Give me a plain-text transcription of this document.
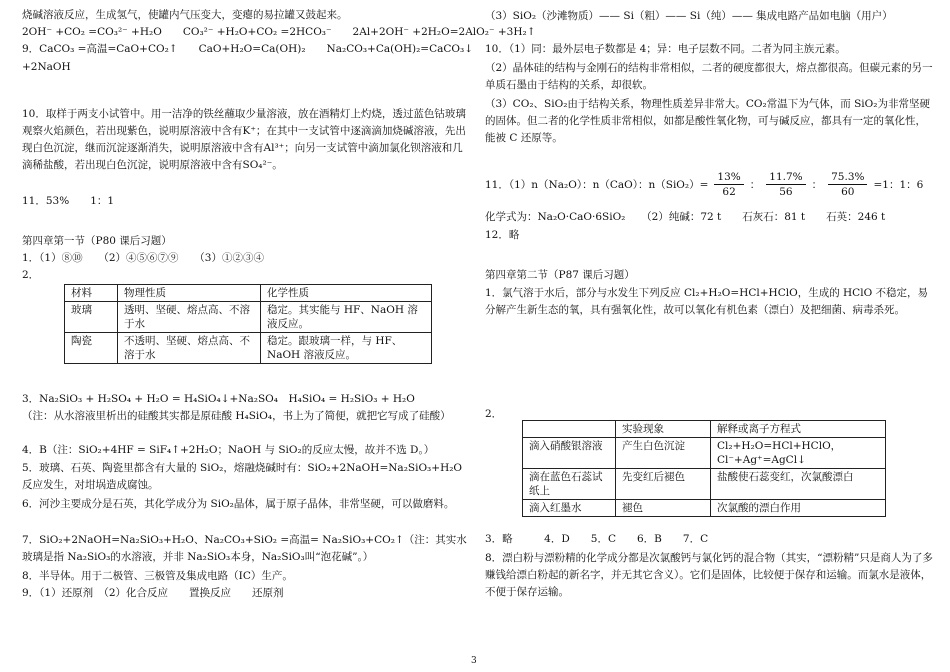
烧碱溶液反应，生成氢气，使罐内气压变大，变瘪的易拉罐又鼓起来。
2OH⁻ +CO₂ =CO₃²⁻ +H₂O　　CO₃²⁻ +H₂O+CO₂ =2HCO₃⁻　　2Al+2OH⁻ +2H₂O=2AlO₂⁻ +3H₂↑
9．CaCO₃ =高温=CaO+CO₂↑　　CaO+H₂O=Ca(OH)₂　　Na₂CO₃+Ca(OH)₂=CaCO₃↓
+2NaOH
10．取样于两支小试管中。用一洁净的铁丝蘸取少量溶液，放在酒精灯上灼烧，透过蓝色钴玻璃观察火焰颜色，若出现紫色，说明原溶液中含有K⁺；在其中一支试管中逐滴滴加烧碱溶液，先出现白色沉淀，继而沉淀逐渐消失，说明原溶液中含有Al³⁺；向另一支试管中滴加氯化钡溶液和几滴稀盐酸，若出现白色沉淀，说明原溶液中含有SO₄²⁻。
11．53%　　1：1
第四章第一节（P80 课后习题）
1．（1）⑧⑩　　（2）④⑤⑥⑦⑨　　（3）①②③④
2．
材料	物理性质	化学性质
玻璃	透明、坚硬、熔点高、不溶于水	稳定。其实能与 HF、NaOH 溶液反应。
陶瓷	不透明、坚硬、熔点高、不溶于水	稳定。跟玻璃一样，与 HF、NaOH 溶液反应。
3．Na₂SiO₃ + H₂SO₄ + H₂O = H₄SiO₄↓+Na₂SO₄　H₄SiO₄ = H₂SiO₃ + H₂O
（注：从水溶液里析出的硅酸其实都是原硅酸 H₄SiO₄，书上为了简便，就把它写成了硅酸）
4．B（注：SiO₂+4HF = SiF₄↑+2H₂O；NaOH 与 SiO₂的反应太慢，故并不选 D。）
5．玻璃、石英、陶瓷里都含有大量的 SiO₂，熔融烧碱时有：SiO₂+2NaOH=Na₂SiO₃+H₂O反应发生，对坩埚造成腐蚀。
6．河沙主要成分是石英，其化学成分为 SiO₂晶体，属于原子晶体，非常坚硬，可以做磨料。
7．SiO₂+2NaOH=Na₂SiO₃+H₂O、Na₂CO₃+SiO₂ =高温= Na₂SiO₃+CO₂↑（注：其实水玻璃是指 Na₂SiO₃的水溶液，并非 Na₂SiO₃本身，Na₂SiO₃叫“泡花碱”。）
8．半导体。用于二极管、三极管及集成电路（IC）生产。
9．（1）还原剂　（2）化合反应　　置换反应　　还原剂
（3）SiO₂（沙滩物质）—— Si（粗）—— Si（纯）—— 集成电路产品如电脑（用户）
10．（1）同：最外层电子数都是 4；异：电子层数不同。二者为同主族元素。
（2）晶体硅的结构与金刚石的结构非常相似，二者的硬度都很大，熔点都很高。但碳元素的另一单质石墨由于结构的关系，却很软。
（3）CO₂、SiO₂由于结构关系，物理性质差异非常大。CO₂常温下为气体，而 SiO₂为非常坚硬的固体。但二者的化学性质非常相似，如都是酸性氧化物，可与碱反应，都具有一定的氧化性，能被 C 还原等。
11．（1）n（Na₂O）：n（CaO）：$n(SiO_2)= \frac{13\%}{62}$ ： $\frac{11.7\%}{56}$ ： $\frac{75.3\%}{60} =1$：1：6
化学式为：Na₂O·CaO·6SiO₂　　（2）纯碱：72 t　　石灰石：81 t　　石英：246 t
12．略
第四章第二节（P87 课后习题）
1．氯气溶于水后，部分与水发生下列反应 Cl₂+H₂O=HCl+HClO，生成的 HClO 不稳定，易分解产生新生态的氧，具有强氧化性，故可以氧化有机色素（漂白）及把细菌、病毒杀死。
2．
	实验现象	解释或离子方程式
滴入硝酸银溶液	产生白色沉淀	Cl₂+H₂O=HCl+HClO，Cl⁻+Ag⁺=AgCl↓
滴在蓝色石蕊试纸上	先变红后褪色	盐酸使石蕊变红，次氯酸漂白
滴入红墨水	褪色	次氯酸的漂白作用
3．略　　　4．D　　5．C　　6．B　　7．C
8．漂白粉与漂粉精的化学成分都是次氯酸钙与氯化钙的混合物（其实，“漂粉精”只是商人为了多赚钱给漂白粉起的新名字，并无其它含义）。它们是固体，比较便于保存和运输。而氯水是液体，不便于保存运输。
3
